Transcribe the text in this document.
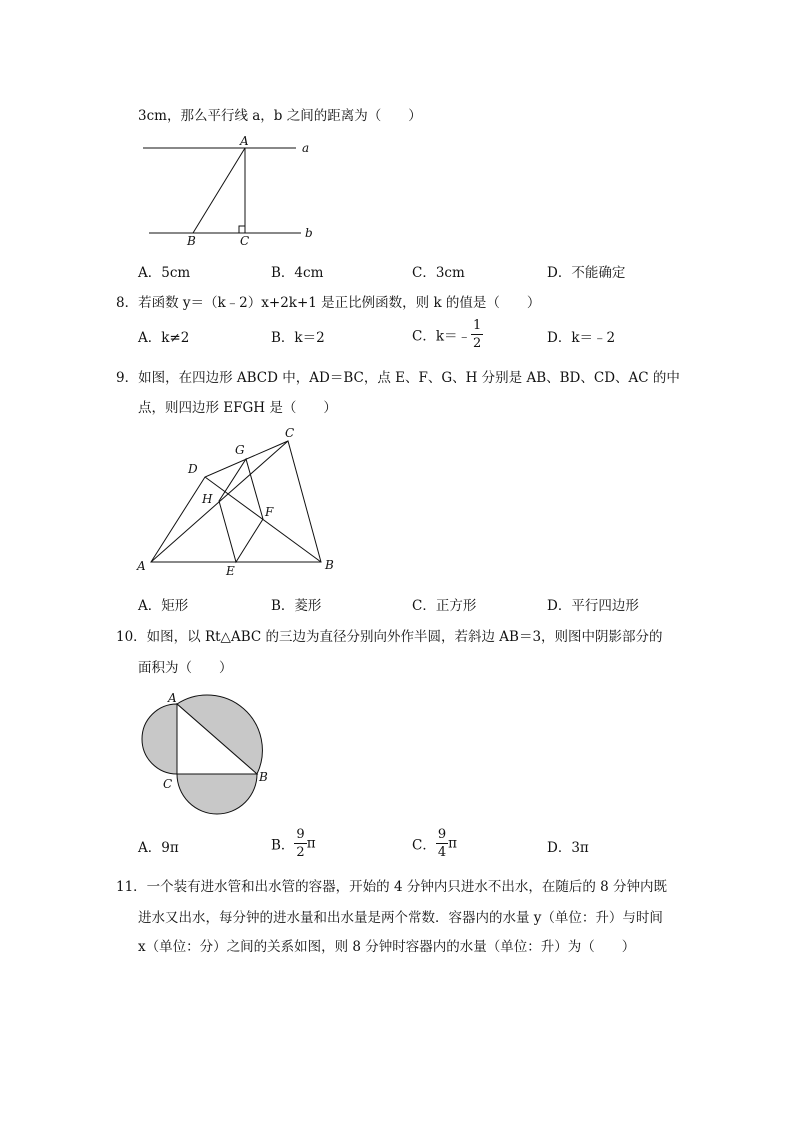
3cm，那么平行线 a，b 之间的距离为（　　）
A	a
B	C
b
A．5cm	B．4cm	C．3cm	D．不能确定
8．若函数 y＝（k﹣2）x+2k+1 是正比例函数，则 k 的值是（　　）
A．k≠2	B．k＝2	C．k＝﹣ $\frac{1}{2}$	D．k＝﹣2
9．如图，在四边形 ABCD 中，AD＝BC，点 E、F、G、H 分别是 AB、BD、CD、AC 的中
点，则四边形 EFGH 是（　　）
C
G
D
H
F
A	E	B
A．矩形	B．菱形	C．正方形	D．平行四边形
10．如图，以 Rt△ABC 的三边为直径分别向外作半圆，若斜边 AB＝3，则图中阴影部分的
面积为（　　）
A
C	B
A．9π	B． $\frac{9}{2}$ π	C． $\frac{9}{4}$ π	D．3π
11．一个装有进水管和出水管的容器，开始的 4 分钟内只进水不出水，在随后的 8 分钟内既
进水又出水，每分钟的进水量和出水量是两个常数．容器内的水量 y（单位：升）与时间
x（单位：分）之间的关系如图，则 8 分钟时容器内的水量（单位：升）为（　　）
